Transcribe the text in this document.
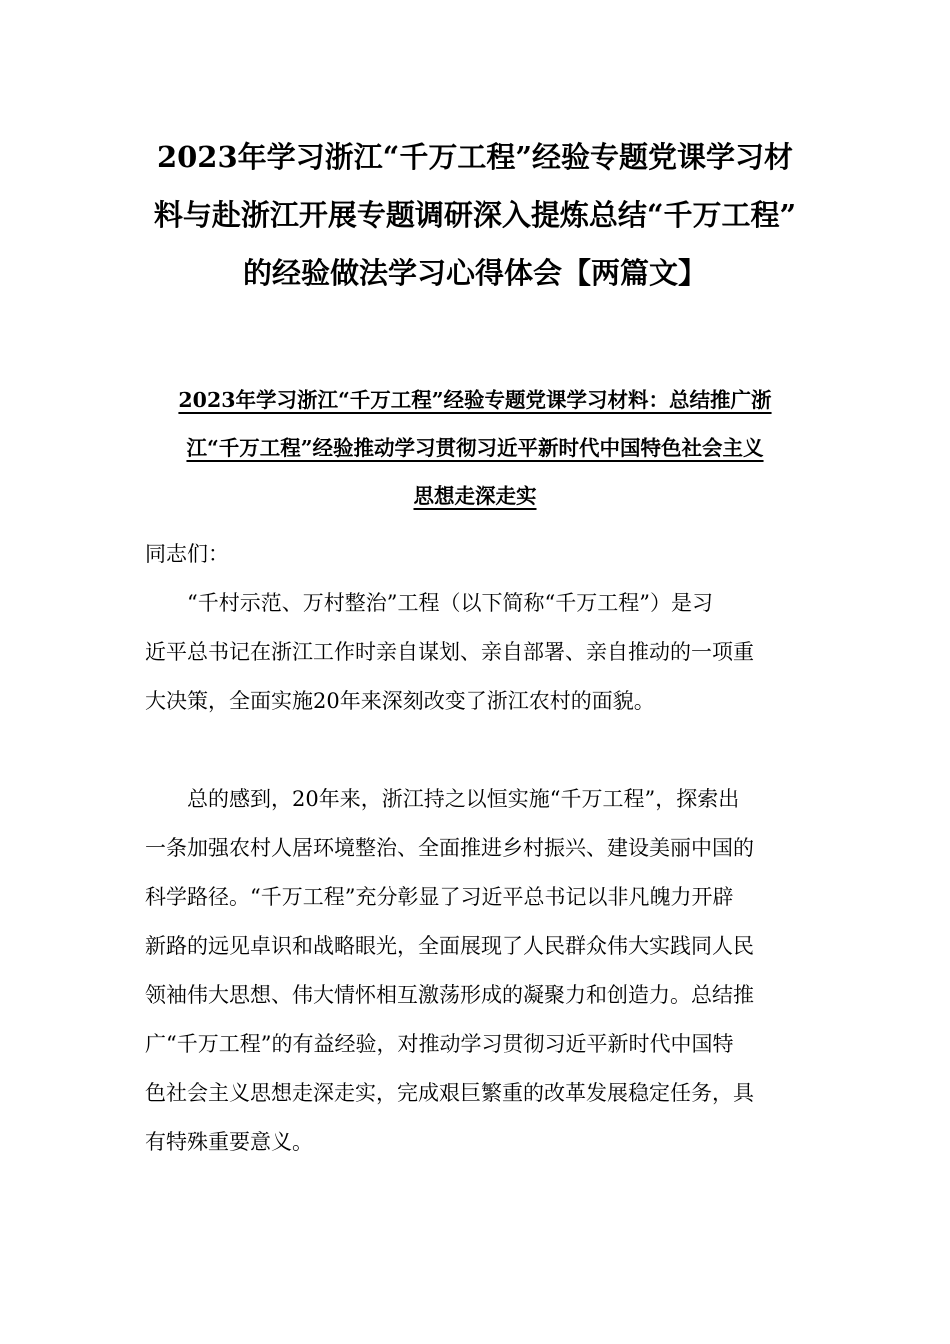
2023年学习浙江“千万工程”经验专题党课学习材
料与赴浙江开展专题调研深入提炼总结“千万工程”
的经验做法学习心得体会【两篇文】
2023年学习浙江“千万工程”经验专题党课学习材料：总结推广浙
江“千万工程”经验推动学习贯彻习近平新时代中国特色社会主义
思想走深走实
同志们：
“千村示范、万村整治”工程（以下简称“千万工程”）是习
近平总书记在浙江工作时亲自谋划、亲自部署、亲自推动的一项重
大决策，全面实施20年来深刻改变了浙江农村的面貌。
总的感到，20年来，浙江持之以恒实施“千万工程”，探索出
一条加强农村人居环境整治、全面推进乡村振兴、建设美丽中国的
科学路径。“千万工程”充分彰显了习近平总书记以非凡魄力开辟
新路的远见卓识和战略眼光，全面展现了人民群众伟大实践同人民
领袖伟大思想、伟大情怀相互激荡形成的凝聚力和创造力。总结推
广“千万工程”的有益经验，对推动学习贯彻习近平新时代中国特
色社会主义思想走深走实，完成艰巨繁重的改革发展稳定任务，具
有特殊重要意义。
